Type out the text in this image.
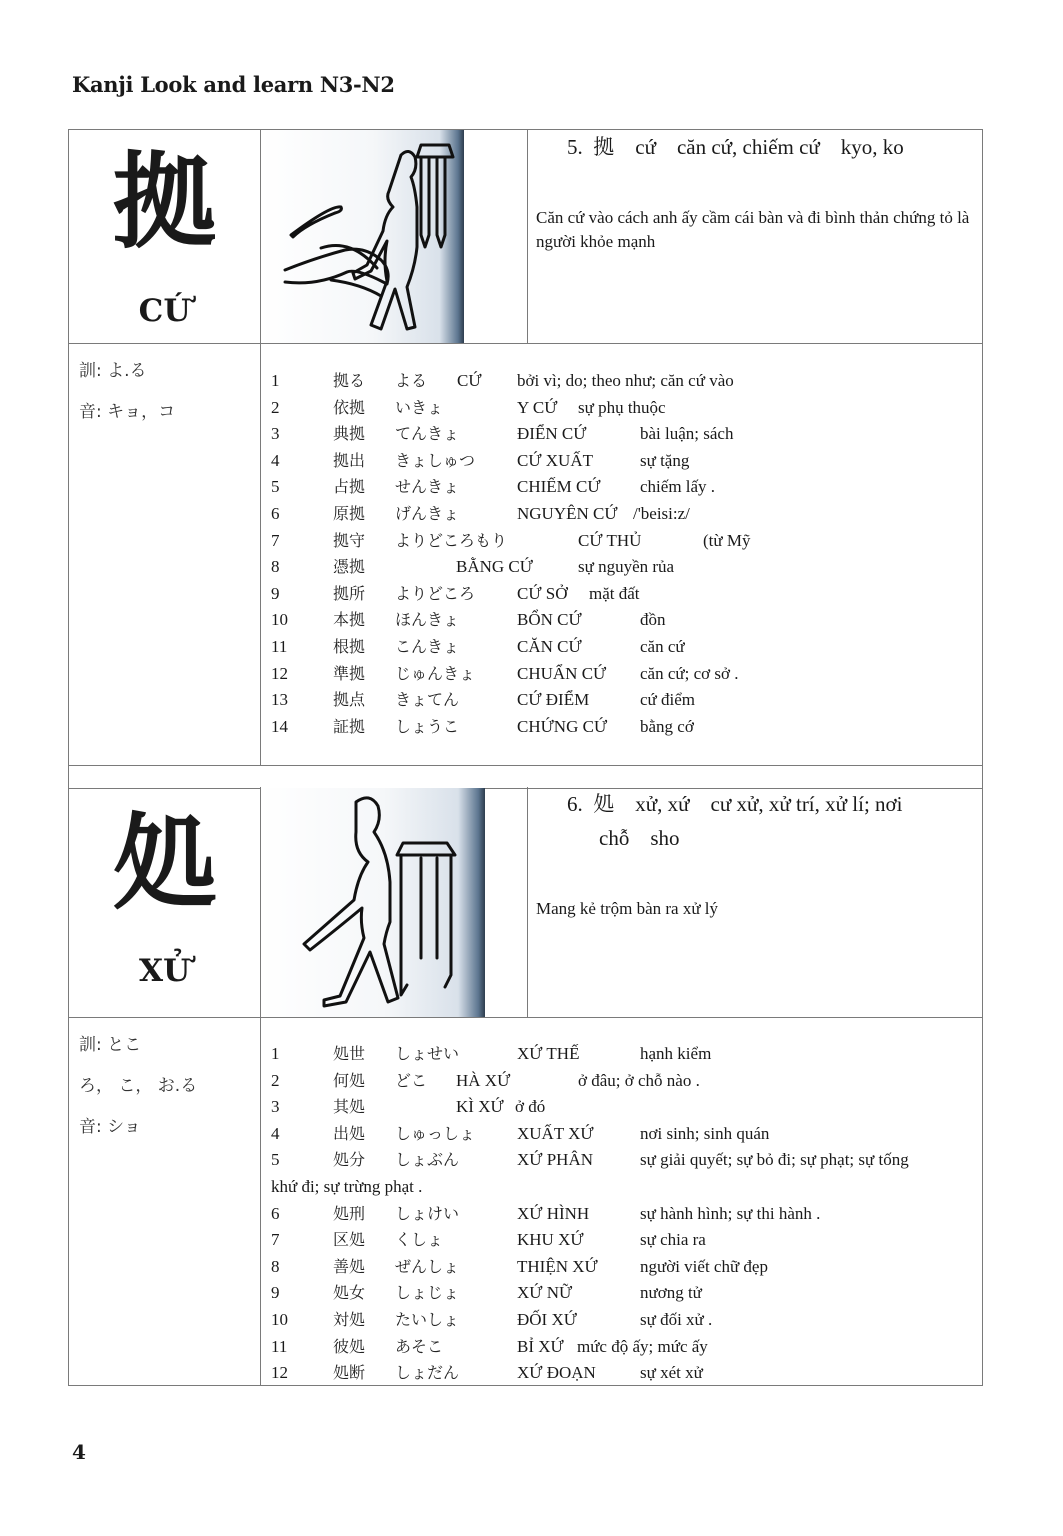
Kanji Look and learn N3-N2
拠
CỨ
5.  拠    cứ    căn cứ, chiếm cứ    kyo, ko
Căn cứ vào cách anh ấy cầm cái bàn và đi bình thản chứng tỏ là người khỏe mạnh
訓: よ.る
音: キョ，コ
1	拠る よる CỨ bởi vì; do; theo như; căn cứ vào
2	依拠 いきょ	Y CỨ sự phụ thuộc
3	典拠 てんきょ	ĐIỂN CỨ	bài luận; sách
4	拠出 きょしゅつ CỨ XUẤT	sự tặng
5	占拠 せんきょ	CHIẾM CỨ chiếm lấy .
6	原拠 げんきょ	NGUYÊN CỨ /'beisi:z/
7	拠守 よりどころもり	CỨ THỦ	(từ Mỹ
8	憑拠	BẰNG CỨ	sự nguyền rủa
9	拠所 よりどころ CỨ SỞ mặt đất
10	本拠 ほんきょ	BỔN CỨ	đồn
11	根拠 こんきょ	CĂN CỨ	căn cứ
12	準拠 じゅんきょ CHUẨN CỨ căn cứ; cơ sở .
13	拠点 きょてん	CỨ ĐIỂM	cứ điểm
14	証拠 しょうこ	CHỨNG CỨ bằng cớ
処
XỬ
6.  処    xử, xứ    cư xử, xử trí, xử lí; nơi
chỗ    sho
Mang kẻ trộm bàn ra xử lý
訓: とこ
ろ， こ， お.る
音: ショ
1	処世 しょせい	XỨ THẾ	hạnh kiểm
2	何処 どこ HÀ XỨ	ở đâu; ở chỗ nào .
3	其処	KÌ XỨ ở đó
4	出処 しゅっしょ XUẤT XỨ	nơi sinh; sinh quán
5	処分 しょぶん	XỨ PHÂN	sự giải quyết; sự bỏ đi; sự phạt; sự tống
khứ đi; sự trừng phạt .
6	処刑 しょけい	XỨ HÌNH	sự hành hình; sự thi hành .
7	区処 くしょ	KHU XỨ	sự chia ra
8	善処 ぜんしょ	THIỆN XỨ người viết chữ đẹp
9	処女 しょじょ	XỨ NỮ	nương tử
10	対処 たいしょ	ĐỐI XỨ	sự đối xử .
11	彼処 あそこ	BỈ XỨ mức độ ấy; mức ấy
12	処断 しょだん	XỨ ĐOẠN	sự xét xử
4
